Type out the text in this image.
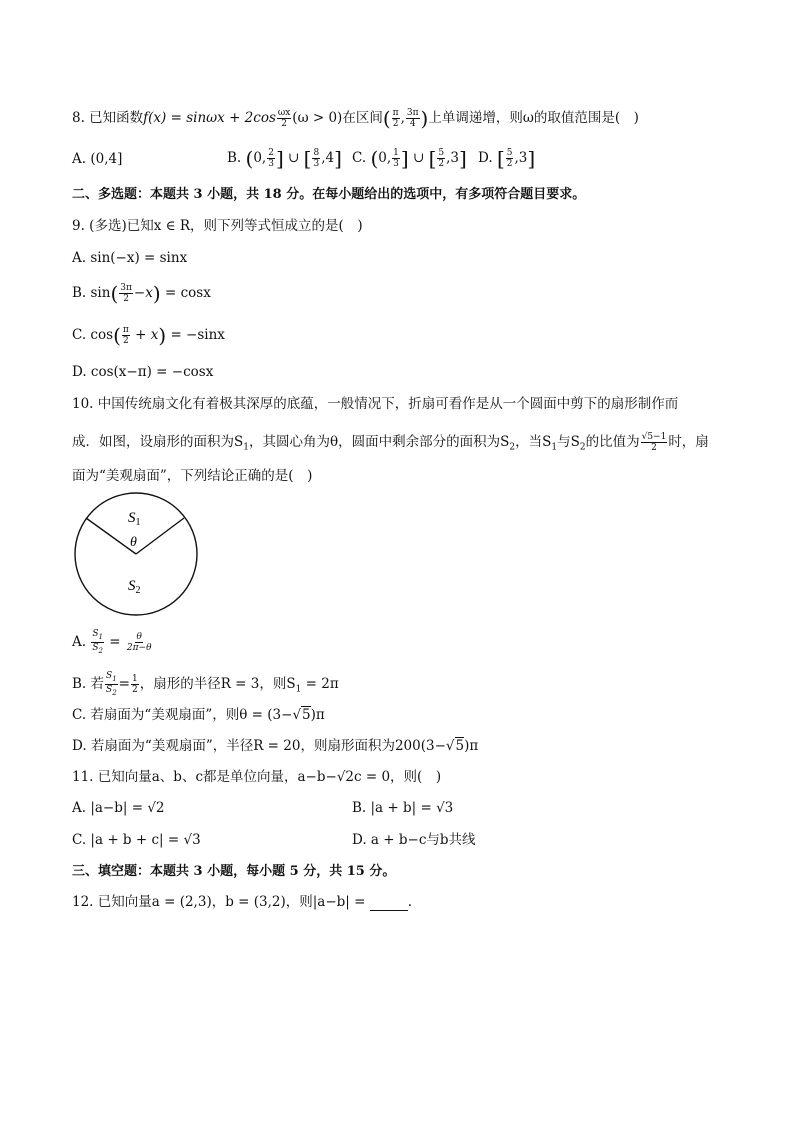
8. 已知函数$f(x) = \sin\omega x + 2\cos \frac{\omega x}{2} (\omega > 0)$在区间( $\frac{\pi}{2}$ , $\frac{3\pi}{4}$ )上单调递增，则ω的取值范围是(　)
A. (0,4]	B. (0, $\frac{2}{3}$ ] ∪ [ $\frac{8}{3} ,4$] C. (0, $\frac{1}{3}$ ] ∪ [ $\frac{5}{2} ,3$] D. [ $\frac{5}{2} ,3$]
二、多选题：本题共 3 小题，共 18 分。在每小题给出的选项中，有多项符合题目要求。
9. (多选)已知x ∈ R，则下列等式恒成立的是(　)
A. sin(−x) = sinx
B. $\sin( \frac{3\pi}{2} -x) = \cos x$
C. $\cos( \frac{\pi}{2} + x) = -\sin x$
D. cos(x−π) = −cosx
10. 中国传统扇文化有着极其深厚的底蕴，一般情况下，折扇可看作是从一个圆面中剪下的扇形制作而
成．如图，设扇形的面积为$S_1$，其圆心角为θ，圆面中剩余部分的面积为$S_2$，当$S_1$与$S_2$的比值为 $\frac{√5-1}{2}$ 时，扇
面为“美观扇面”，下列结论正确的是(　)
$S_1$
θ
$S_2$
A. $\frac{S_1}{S_2} = \frac{\theta}{2\pi-\theta}$
B. 若 $\frac{S_1}{S_2} = \frac{1}{2}$ ，扇形的半径R = 3，则$S_1 = 2\pi$
C. 若扇面为“美观扇面”，则θ = (3−√5)π
D. 若扇面为“美观扇面”，半径R = 20，则扇形面积为200(3−√5)π
11. 已知向量a、b、c都是单位向量，a−b−√2c = 0，则(　)
A. |a−b| = √2	B. |a + b| = √3
C. |a + b + c| = √3	D. a + b−c与b共线
三、填空题：本题共 3 小题，每小题 5 分，共 15 分。
12. 已知向量a = (2,3)，b = (3,2)，则|a−b| =	.
